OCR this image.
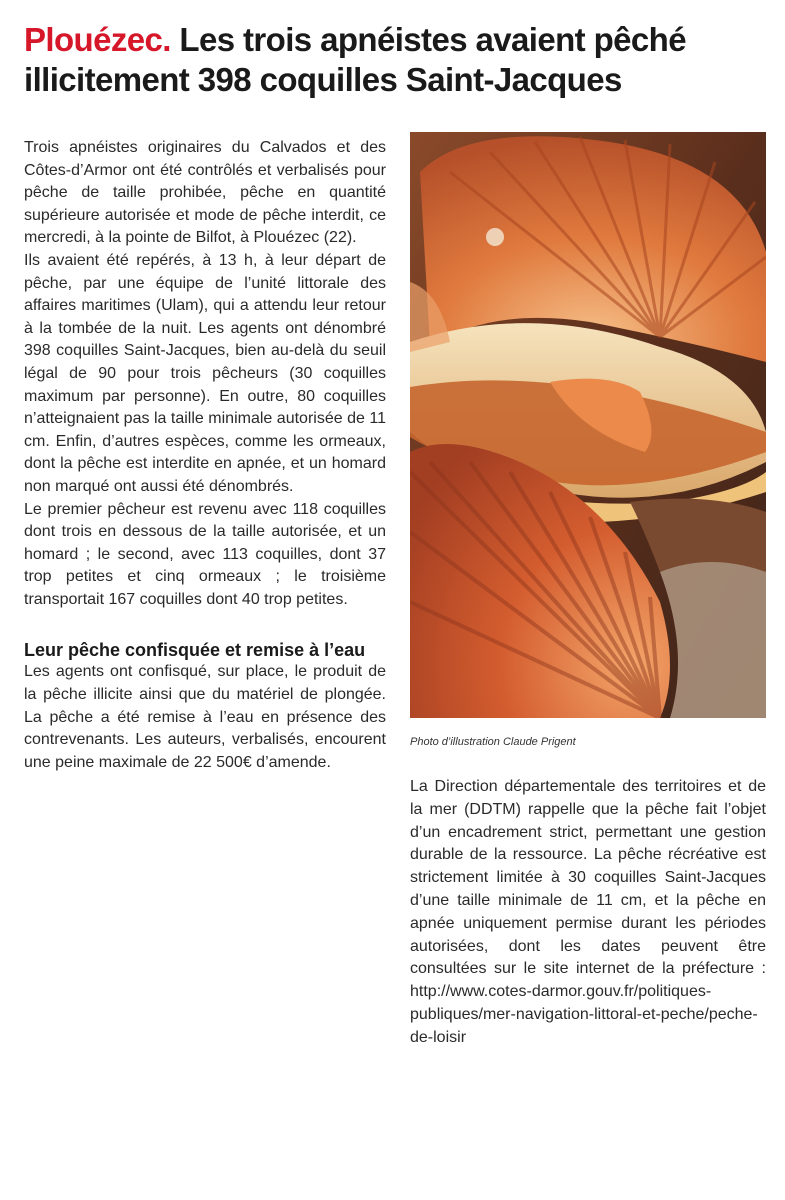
Plouézec. Les trois apnéistes avaient pêché illicitement 398 coquilles Saint-Jacques

Trois apnéistes originaires du Calvados et des Côtes-d’Armor ont été contrôlés et verbalisés pour pêche de taille prohibée, pêche en quantité supérieure autorisée et mode de pêche interdit, ce mercredi, à la pointe de Bilfot, à Plouézec (22).

Ils avaient été repérés, à 13 h, à leur départ de pêche, par une équipe de l’unité littorale des affaires maritimes (Ulam), qui a attendu leur retour à la tombée de la nuit. Les agents ont dénombré 398 coquilles Saint-Jacques, bien au-delà du seuil légal de 90 pour trois pêcheurs (30 coquilles maximum par personne). En outre, 80 coquilles n’atteignaient pas la taille minimale autorisée de 11 cm. Enfin, d’autres espèces, comme les ormeaux, dont la pêche est interdite en apnée, et un homard non marqué ont aussi été dénombrés.

Le premier pêcheur est revenu avec 118 coquilles dont trois en dessous de la taille autorisée, et un homard ; le second, avec 113 coquilles, dont 37 trop petites et cinq ormeaux ; le troisième transportait 167 coquilles dont 40 trop petites.

Leur pêche confisquée et remise à l’eau

Les agents ont confisqué, sur place, le produit de la pêche illicite ainsi que du matériel de plongée. La pêche a été remise à l’eau en présence des contrevenants. Les auteurs, verbalisés, encourent une peine maximale de 22 500€ d’amende.

Photo d’illustration Claude Prigent

La Direction départementale des territoires et de la mer (DDTM) rappelle que la pêche fait l’objet d’un encadrement strict, permettant une gestion durable de la ressource. La pêche récréative est strictement limitée à 30 coquilles Saint-Jacques d’une taille minimale de 11 cm, et la pêche en apnée uniquement permise durant les périodes autorisées, dont les dates peuvent être consultées sur le site internet de la préfecture : http://www.cotes-darmor.gouv.fr/politiques-publiques/mer-navigation-littoral-et-peche/peche-de-loisir
